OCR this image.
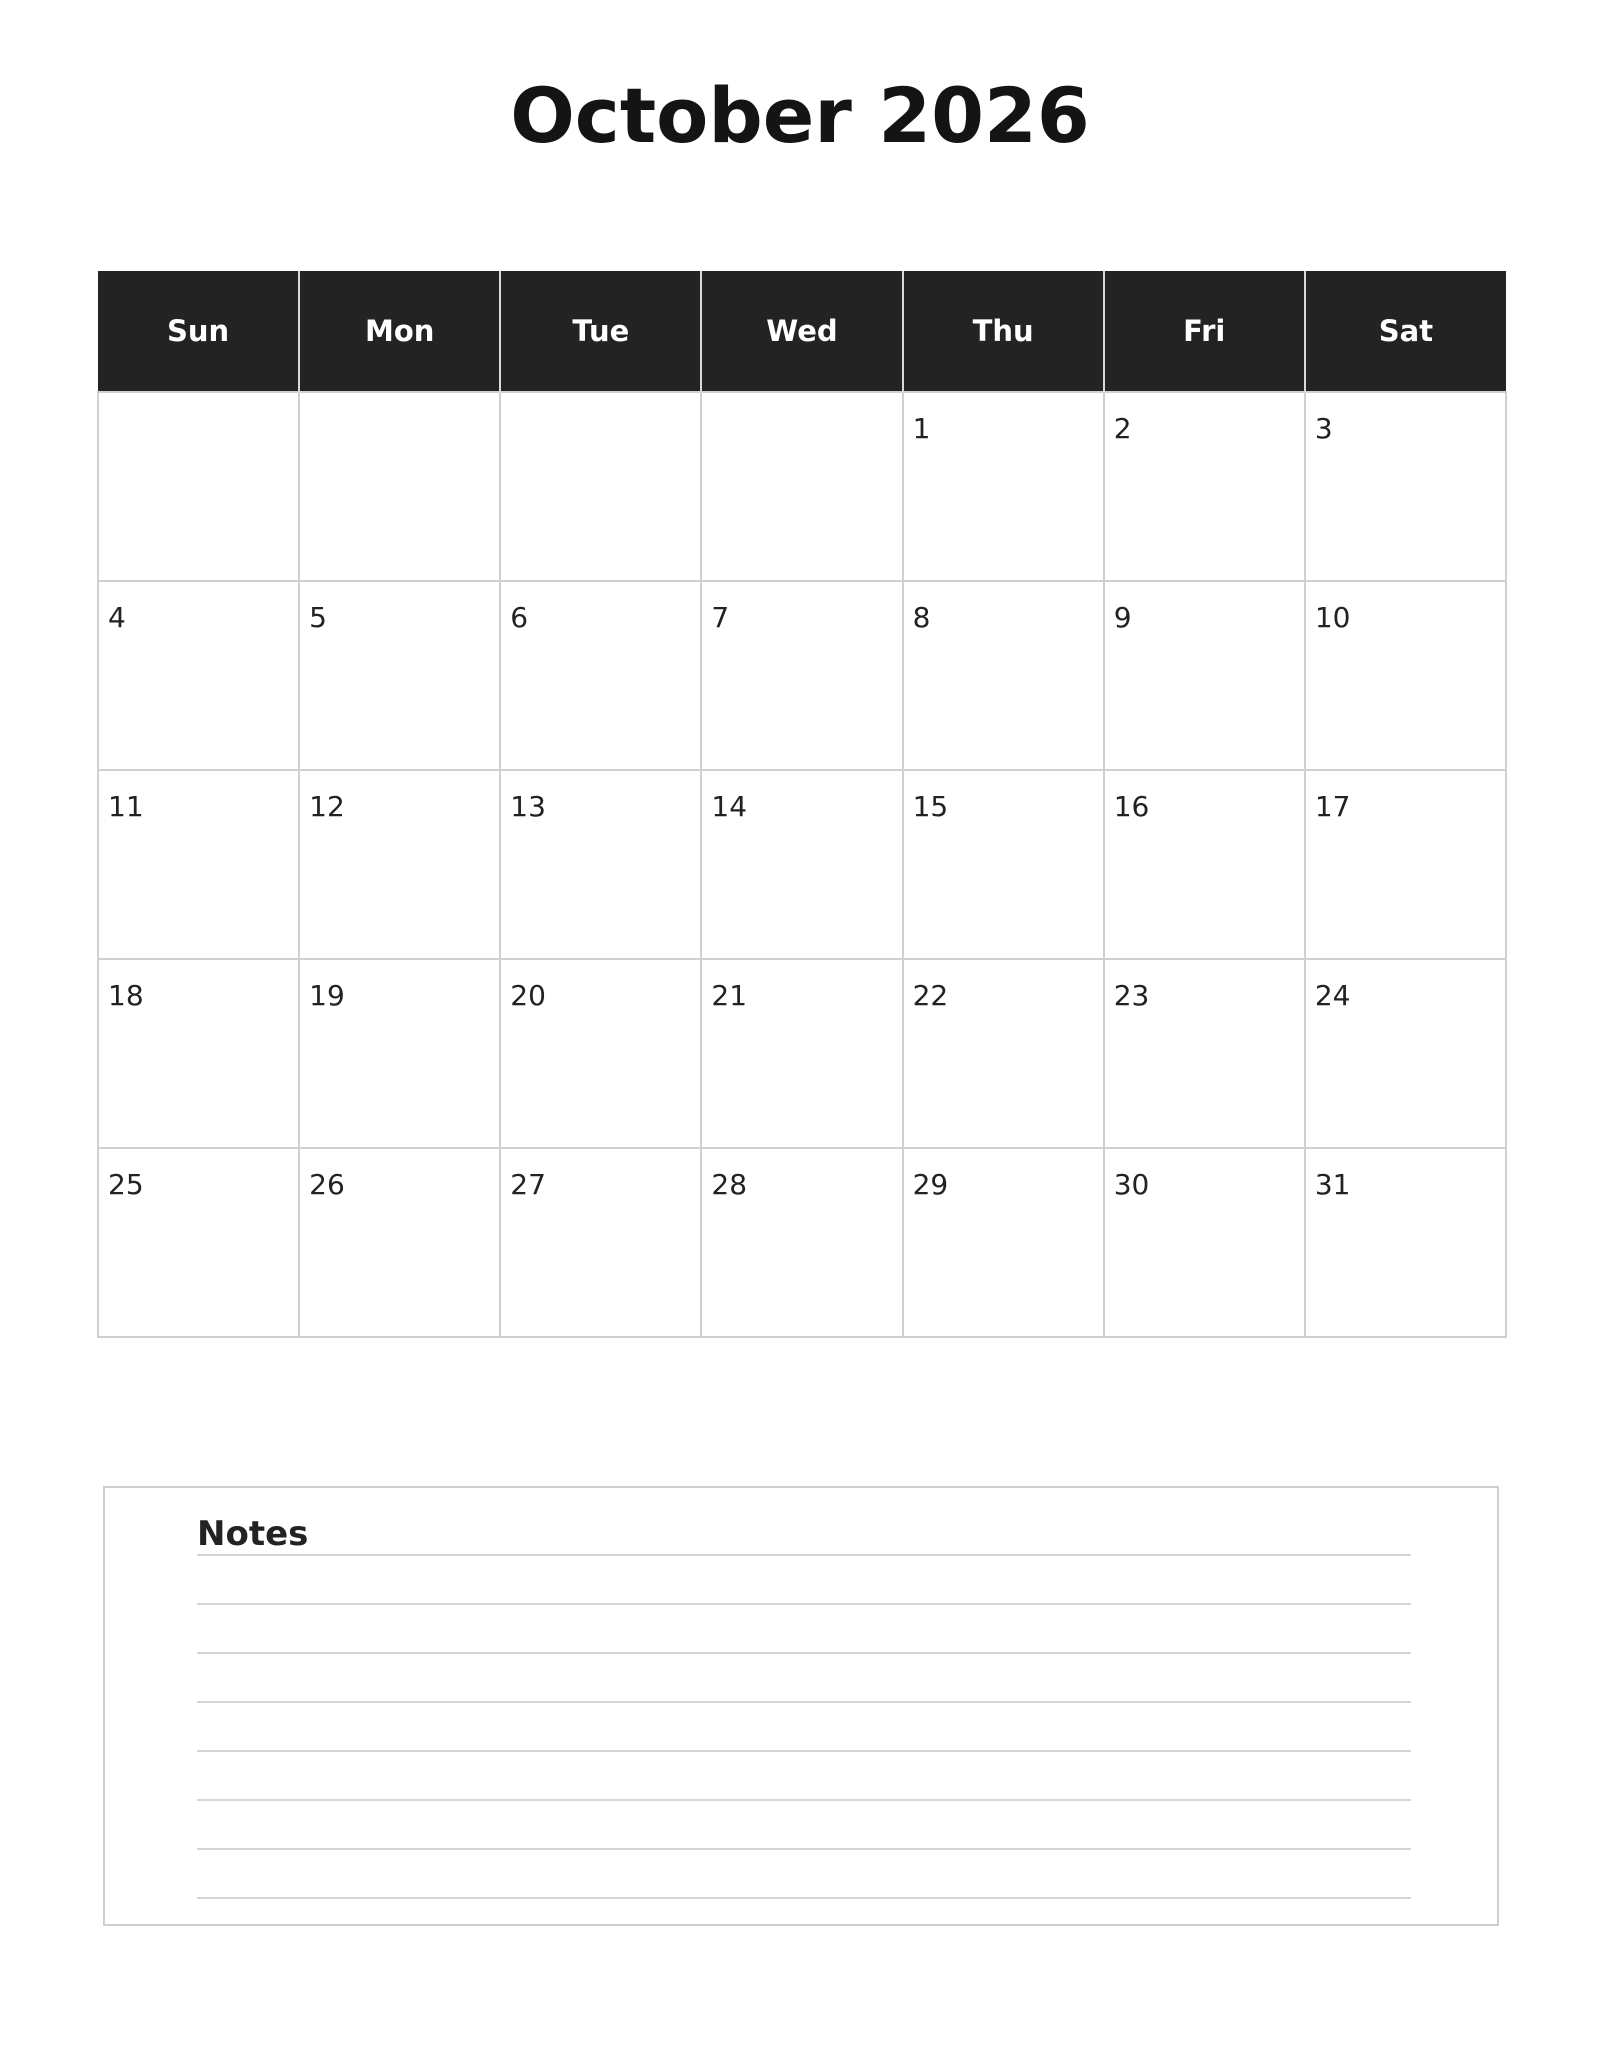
October 2026
Sun	Mon	Tue	Wed	Thu	Fri	Sat

				1	2	3

4	5	6	7	8	9	10

11	12	13	14	15	16	17

18	19	20	21	22	23	24

25	26	27	28	29	30	31
Notes
